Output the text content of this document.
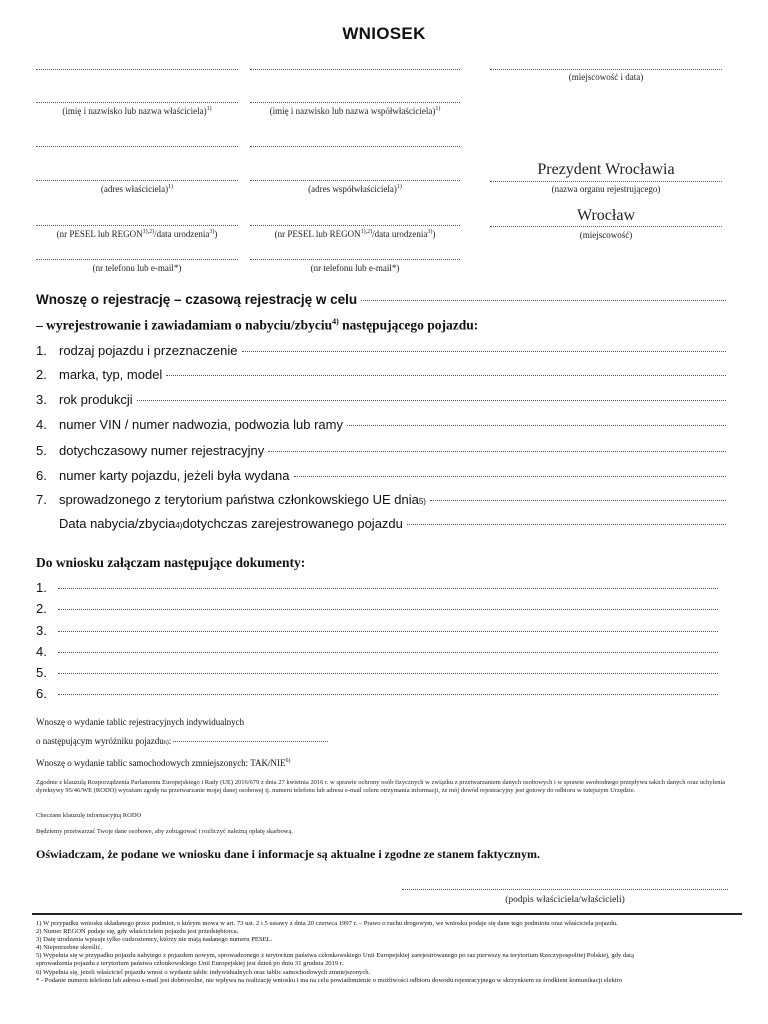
WNIOSEK
(miejscowość i data)
(imię i nazwisko lub nazwa właściciela)$^{1)}$	(imię i nazwisko lub nazwa współwłaściciela)$^{1)}$
(adres właściciela)$^{1)}$	(adres współwłaściciela)$^{1)}$
Prezydent Wrocławia
(nazwa organu rejestrującego)
Wrocław
(miejscowość)
(nr PESEL lub $REGON^{1),2)}$/data urodzenia$^{3)}$)	(nr PESEL lub $REGON^{1),2)}$/data urodzenia$^{3)}$)
(nr telefonu lub e-mail*)	(nr telefonu lub e-mail*)
Wnoszę o rejestrację – czasową rejestrację w celu
– wyrejestrowanie i zawiadamiam o nabyciu/zbyciu$^{4)}$ następującego pojazdu:
1. rodzaj pojazdu i przeznaczenie
2. marka, typ, model
3. rok produkcji
4. numer VIN / numer nadwozia, podwozia lub ramy
5. dotychczasowy numer rejestracyjny
6. numer karty pojazdu, jeżeli była wydana
7. sprowadzonego z terytorium państwa członkowskiego UE dnia 5)
Data nabycia/zbycia 4) dotychczas zarejestrowanego pojazdu
Do wniosku załączam następujące dokumenty:
1.
2.
3.
4.
5.
6.
Wnoszę o wydanie tablic rejestracyjnych indywidualnych
o następującym wyróżniku pojazdu$_{6)}$ :
Wnoszę o wydanie tablic samochodowych zmniejszonych: TAK/NIE$^{6)}$
Zgodnie z klauzulą Rozporządzenia Parlamentu Europejskiego i Rady (UE) 2016/679 z dnia 27 kwietnia 2016 r. w sprawie ochrony osób fizycznych w związku z przetwarzaniem danych osobowych i w sprawie swobodnego przepływu takich danych oraz uchylenia dyrektywy 95/46/WE (RODO) wyrażam zgodę na przetwarzanie mojej danej osobowej tj. numeru telefonu lub adresu e-mail celem otrzymania informacji, że mój dowód rejestracyjny jest gotowy do odbioru w tutejszym Urzędzie.
Checzane klauzulę informacyjną RODO
Będziemy przetwarzać Twoje dane osobowe, aby zobiągować i rozliczyć należną opłatę skarbową.
Oświadczam, że podane we wniosku dane i informacje są aktualne i zgodne ze stanem faktycznym.
(podpis właściciela/właścicieli)
1) W przypadku wniosku składanego przez podmiot, o którym mowa w art. 73 ust. 2 i 5 ustawy z dnia 20 czerwca 1997 r. – Prawo o ruchu drogowym, we wniosku podaje się dane tego podmiotu oraz właściciela pojazdu.
2) Numer REGON podaje się, gdy właścicielem pojazdu jest przedsiębiorca.
3) Datę urodzenia wpisuje tylko cudzoziemcy, którzy nie mają nadanego numeru PESEL.
4) Niepotrzebne skreślić.
5) Wypełnia się w przypadku pojazdu nabytego z pojazdem nowym, sprowadzonego z terytorium państwa członkowskiego Unii Europejskiej zarejestrowanego po raz pierwszy na terytorium Rzeczypospolitej Polskiej, gdy datą
sprowadzenia pojazdu z terytorium państwa członkowskiego Unii Europejskiej jest dzień po dniu 31 grudnia 2019 r.
6) Wypełnia się, jeżeli właściciel pojazdu wnosi o wydanie tablic indywidualnych oraz tablic samochodowych zmniejszonych.
* - Podanie numeru telefonu lub adresu e-mail jest dobrowolne, nie wpływa na realizację wniosku i ma na celu powiadomienie o możliwości odbioru dowodu rejestracyjnego w skrzynkiem ze środkiem komunikacji elektro
